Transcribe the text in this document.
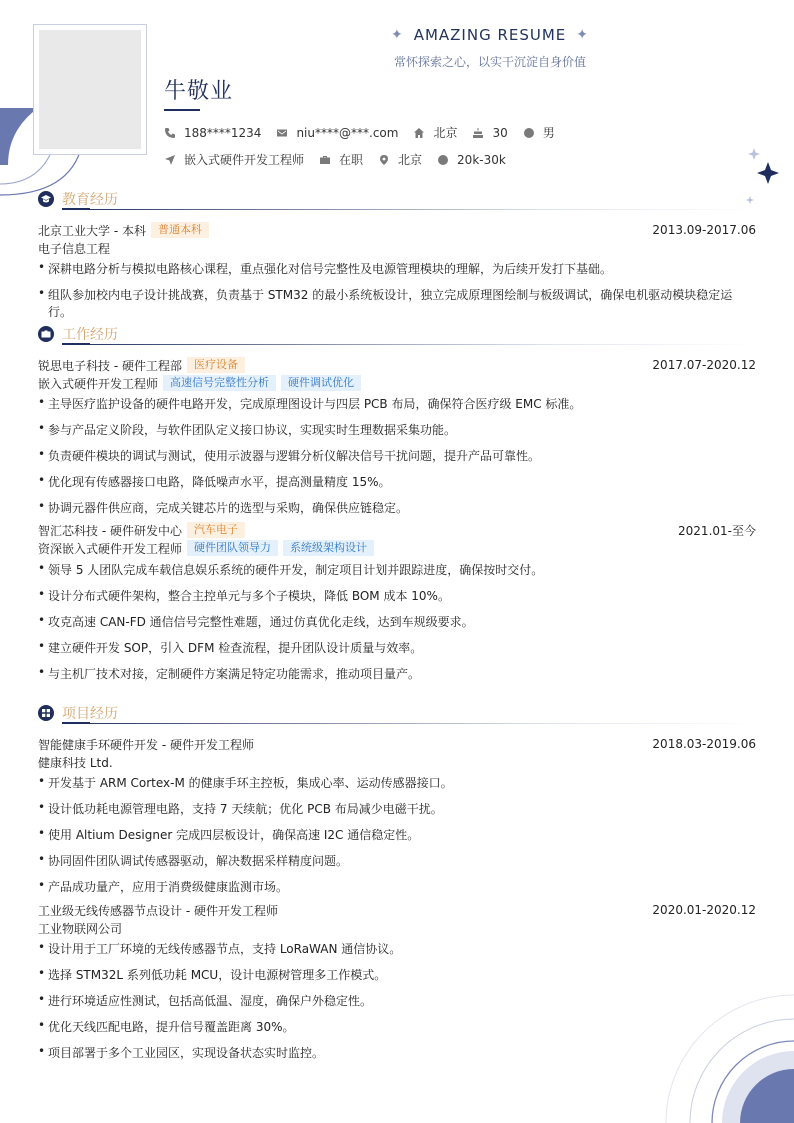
✦ AMAZING RESUME ✦
常怀探索之心，以实干沉淀自身价值
牛敬业
188****1234	niu****@***.com	北京	30	男
嵌入式硬件开发工程师	在职	北京	20k-30k
教育经历
北京工业大学 - 本科	普通本科	2013.09-2017.06
电子信息工程
• 深耕电路分析与模拟电路核心课程，重点强化对信号完整性及电源管理模块的理解，为后续开发打下基础。
• 组队参加校内电子设计挑战赛，负责基于 STM32 的最小系统板设计，独立完成原理图绘制与板级调试，确保电机驱动模块稳定运行。
工作经历
锐思电子科技 - 硬件工程部	医疗设备	2017.07-2020.12
嵌入式硬件开发工程师	高速信号完整性分析	硬件调试优化
• 主导医疗监护设备的硬件电路开发，完成原理图设计与四层 PCB 布局，确保符合医疗级 EMC 标准。
• 参与产品定义阶段，与软件团队定义接口协议，实现实时生理数据采集功能。
• 负责硬件模块的调试与测试，使用示波器与逻辑分析仪解决信号干扰问题，提升产品可靠性。
• 优化现有传感器接口电路，降低噪声水平，提高测量精度 15%。
• 协调元器件供应商，完成关键芯片的选型与采购，确保供应链稳定。
智汇芯科技 - 硬件研发中心	汽车电子	2021.01-至今
资深嵌入式硬件开发工程师	硬件团队领导力	系统级架构设计
• 领导 5 人团队完成车载信息娱乐系统的硬件开发，制定项目计划并跟踪进度，确保按时交付。
• 设计分布式硬件架构，整合主控单元与多个子模块，降低 BOM 成本 10%。
• 攻克高速 CAN-FD 通信信号完整性难题，通过仿真优化走线，达到车规级要求。
• 建立硬件开发 SOP，引入 DFM 检查流程，提升团队设计质量与效率。
• 与主机厂技术对接，定制硬件方案满足特定功能需求，推动项目量产。
项目经历
智能健康手环硬件开发 - 硬件开发工程师	2018.03-2019.06
健康科技 Ltd.
• 开发基于 ARM Cortex-M 的健康手环主控板，集成心率、运动传感器接口。
• 设计低功耗电源管理电路，支持 7 天续航；优化 PCB 布局减少电磁干扰。
• 使用 Altium Designer 完成四层板设计，确保高速 I2C 通信稳定性。
• 协同固件团队调试传感器驱动，解决数据采样精度问题。
• 产品成功量产，应用于消费级健康监测市场。
工业级无线传感器节点设计 - 硬件开发工程师	2020.01-2020.12
工业物联网公司
• 设计用于工厂环境的无线传感器节点，支持 LoRaWAN 通信协议。
• 选择 STM32L 系列低功耗 MCU，设计电源树管理多工作模式。
• 进行环境适应性测试，包括高低温、湿度，确保户外稳定性。
• 优化天线匹配电路，提升信号覆盖距离 30%。
• 项目部署于多个工业园区，实现设备状态实时监控。
